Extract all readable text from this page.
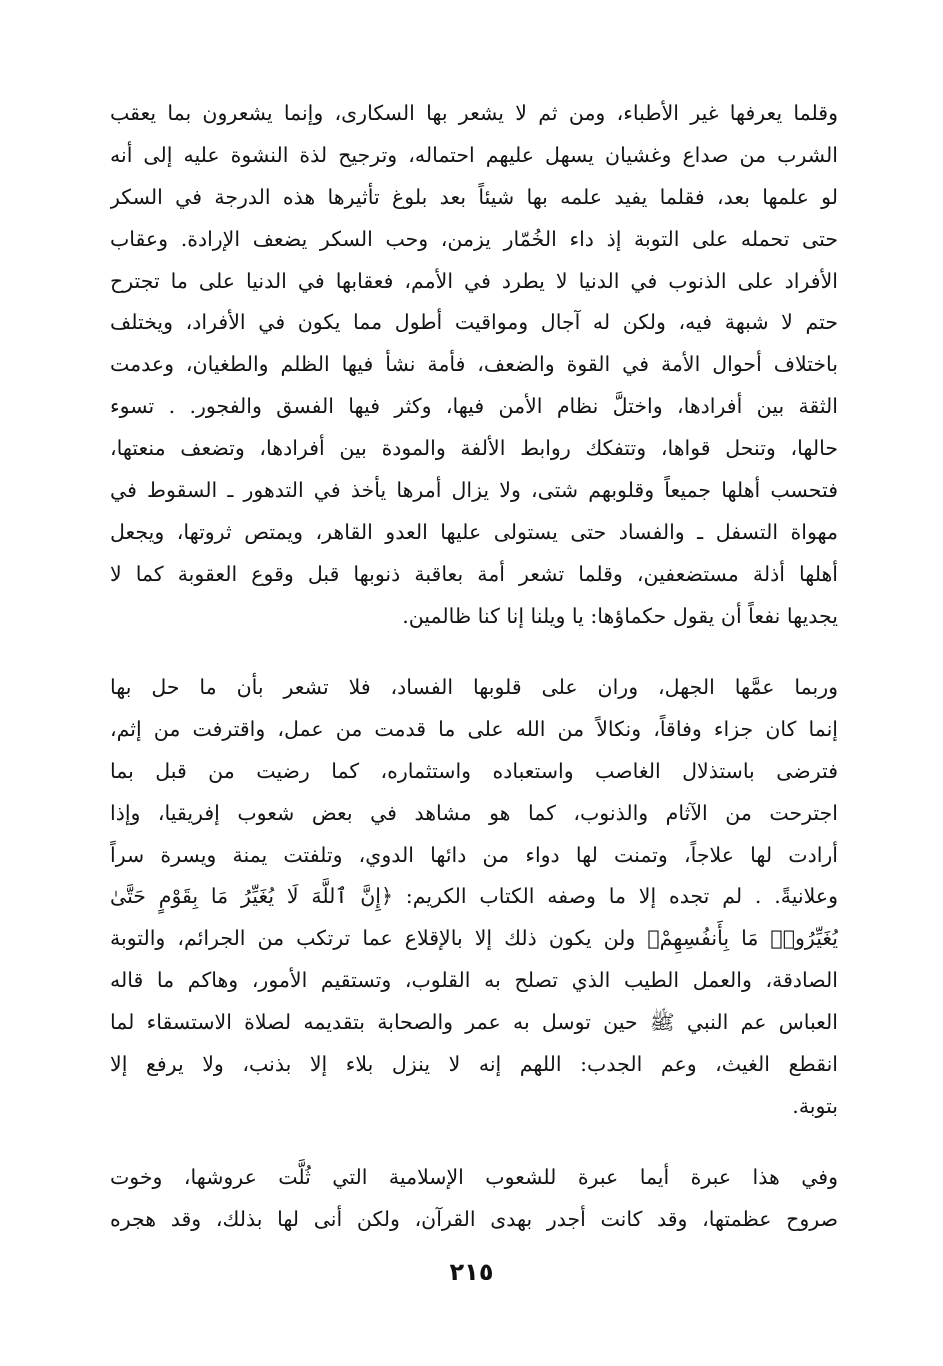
وقلما يعرفها غير الأطباء، ومن ثم لا يشعر بها السكارى، وإنما يشعرون بما يعقب
الشرب من صداع وغشيان يسهل عليهم احتماله، وترجيح لذة النشوة عليه إلى أنه
لو علمها بعد، فقلما يفيد علمه بها شيئاً بعد بلوغ تأثيرها هذه الدرجة في السكر
حتى تحمله على التوبة إذ داء الخُمّار يزمن، وحب السكر يضعف الإرادة. وعقاب
الأفراد على الذنوب في الدنيا لا يطرد في الأمم، فعقابها في الدنيا على ما تجترح
حتم لا شبهة فيه، ولكن له آجال ومواقيت أطول مما يكون في الأفراد، ويختلف
باختلاف أحوال الأمة في القوة والضعف، فأمة نشأ فيها الظلم والطغيان، وعدمت
الثقة بين أفرادها، واختلَّ نظام الأمن فيها، وكثر فيها الفسق والفجور. . تسوء
حالها، وتنحل قواها، وتتفكك روابط الألفة والمودة بين أفرادها، وتضعف منعتها،
فتحسب أهلها جميعاً وقلوبهم شتى، ولا يزال أمرها يأخذ في التدهور ـ السقوط في
مهواة التسفل ـ والفساد حتى يستولى عليها العدو القاهر، ويمتص ثروتها، ويجعل
أهلها أذلة مستضعفين، وقلما تشعر أمة بعاقبة ذنوبها قبل وقوع العقوبة كما لا
يجديها نفعاً أن يقول حكماؤها: يا ويلنا إنا كنا ظالمين.
وربما عمَّها الجهل، وران على قلوبها الفساد، فلا تشعر بأن ما حل بها
إنما كان جزاء وفاقاً، ونكالاً من الله على ما قدمت من عمل، واقترفت من إثم،
فترضى باستذلال الغاصب واستعباده واستثماره، كما رضيت من قبل بما
اجترحت من الآثام والذنوب، كما هو مشاهد في بعض شعوب إفريقيا، وإذا
أرادت لها علاجاً، وتمنت لها دواء من دائها الدوي، وتلفتت يمنة ويسرة سراً
وعلانيةً. . لم تجده إلا ما وصفه الكتاب الكريم: ﴿إِنَّ ٱللَّهَ لَا يُغَيِّرُ مَا بِقَوْمٍ حَتَّىٰ
يُغَيِّرُوا۟ مَا بِأَنفُسِهِمْ﴾ ولن يكون ذلك إلا بالإقلاع عما ترتكب من الجرائم، والتوبة
الصادقة، والعمل الطيب الذي تصلح به القلوب، وتستقيم الأمور، وهاكم ما قاله
العباس عم النبي ﷺ حين توسل به عمر والصحابة بتقديمه لصلاة الاستسقاء لما
انقطع الغيث، وعم الجدب: اللهم إنه لا ينزل بلاء إلا بذنب، ولا يرفع إلا
بتوبة.
وفي هذا عبرة أيما عبرة للشعوب الإسلامية التي ثُلَّت عروشها، وخوت
صروح عظمتها، وقد كانت أجدر بهدى القرآن، ولكن أنى لها بذلك، وقد هجره
٢١٥
